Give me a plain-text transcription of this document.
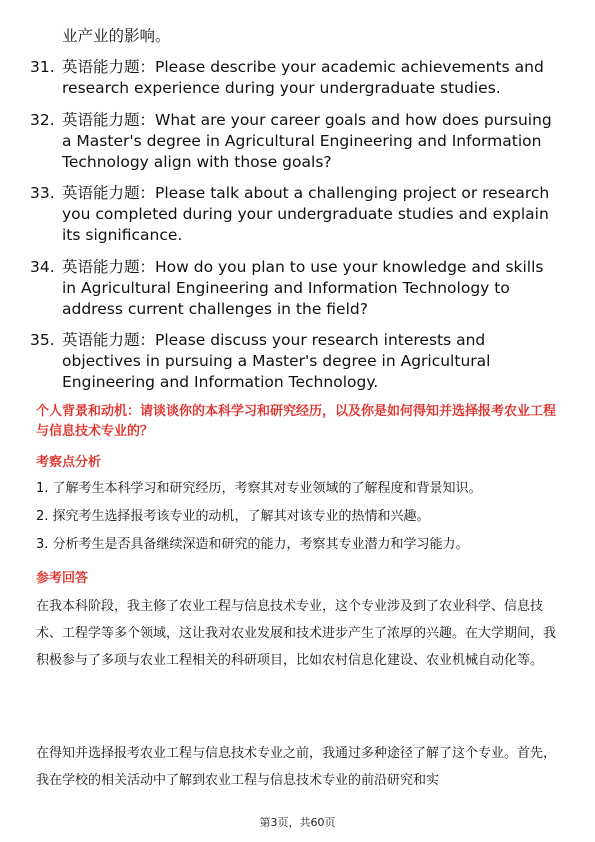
业产业的影响。

31. 英语能力题：Please describe your academic achievements and research experience during your undergraduate studies.
32. 英语能力题：What are your career goals and how does pursuing a Master's degree in Agricultural Engineering and Information Technology align with those goals?
33. 英语能力题：Please talk about a challenging project or research you completed during your undergraduate studies and explain its significance.
34. 英语能力题：How do you plan to use your knowledge and skills in Agricultural Engineering and Information Technology to address current challenges in the field?
35. 英语能力题：Please discuss your research interests and objectives in pursuing a Master's degree in Agricultural Engineering and Information Technology.
个人背景和动机：请谈谈你的本科学习和研究经历，以及你是如何得知并选择报考农业工程与信息技术专业的？
考察点分析
1. 了解考生本科学习和研究经历，考察其对专业领域的了解程度和背景知识。
2. 探究考生选择报考该专业的动机，了解其对该专业的热情和兴趣。
3. 分析考生是否具备继续深造和研究的能力，考察其专业潜力和学习能力。
参考回答

在我本科阶段，我主修了农业工程与信息技术专业，这个专业涉及到了农业科学、信息技术、工程学等多个领域，这让我对农业发展和技术进步产生了浓厚的兴趣。在大学期间，我积极参与了多项与农业工程相关的科研项目，比如农村信息化建设、农业机械自动化等。

在得知并选择报考农业工程与信息技术专业之前，我通过多种途径了解了这个专业。首先，我在学校的相关活动中了解到农业工程与信息技术专业的前沿研究和实

第3页，共60页
